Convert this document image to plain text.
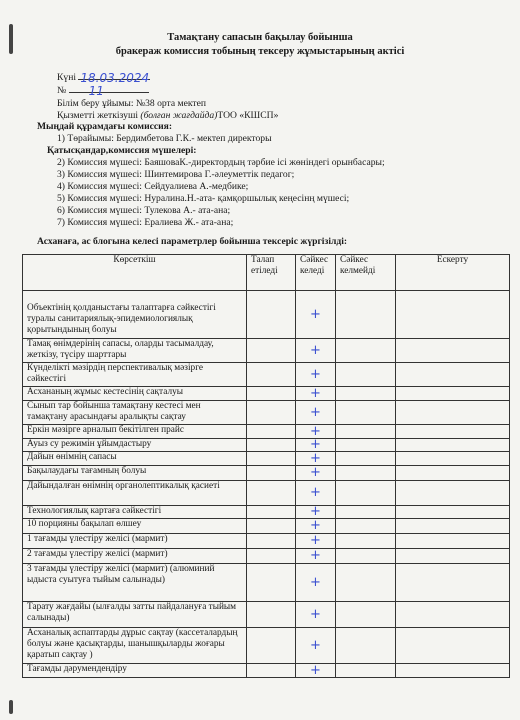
Тамақтану сапасын бақылау бойынша
бракераж комиссия тобының тексеру жұмыстарының актісі
Күні 18.03.2024
№ 11
Білім беру ұйымы: №38 орта мектеп
Қызметті жеткізуші (болған жағдайда)ТОО «КШСП»
Мыңдай құрамдағы комиссия:
1) Төрайымы: Бердимбетова Г.К.- мектеп директоры
Қатысқандар,комиссия мүшелері:
2) Комиссия мүшесі: БаяшоваК.-директордың тәрбие ісі жөніндегі орынбасары;
3) Комиссия мүшесі: Шинтемирова Г.-әлеуметтік педагог;
4) Комиссия мүшесі: Сейдуалиева А.-медбике;
5) Комиссия мүшесі: Нуралина.Н.-ата- қамқоршылық кеңесінң мүшесі;
6) Комиссия мүшесі: Тулекова А.- ата-ана;
7) Комиссия мүшесі: Ералиева Ж.- ата-ана;
Асханаға, ас блогына келесі параметрлер бойынша тексеріс жүргізілді:
Көрсеткіш	Талап етіледі	Сәйкес келеді	Сәйкес келмейді	Ескерту
Объектінің қолданыстағы талаптарға сәйкестігі туралы санитариялық-эпидемиологиялық қорытындының болуы		+		
Тамақ өнімдерінің сапасы, оларды тасымалдау, жеткізу, түсіру шарттары		+		
Күнделікті мәзірдің перспективалық мәзірге сәйкестігі		+		
Асхананың жұмыс кестесінің сақталуы		+		
Сынып тар бойынша тамақтану кестесі мен тамақтану арасындағы аралықты сақтау		+		
Еркін мәзірге арналып бекітілген прайс		+		
Ауыз су режимін ұйымдастыру		+		
Дайын өнімнің сапасы		+		
Бақылаудағы тағамның болуы		+		
Дайындалған өнімнің органолептикалық қасиеті		+		
Технологиялық картаға сәйкестігі		+		
10 порцияны бақылап өлшеу		+		
1 тағамды үлестіру желісі (мармит)		+		
2 тағамды үлестіру желісі (мармит)		+		
3 тағамды үлестіру желісі (мармит) (алюминий ыдыста суытуға тыйым салынады)		+		
Тарату жағдайы (ылғалды затты пайдалануға тыйым салынады)		+		
Асханалық аспаптарды дұрыс сақтау (кассеталардың болуы және қасықтарды, шанышқыларды жоғары қаратып сақтау )		+		
Тағамды дәрумендендіру		+		
